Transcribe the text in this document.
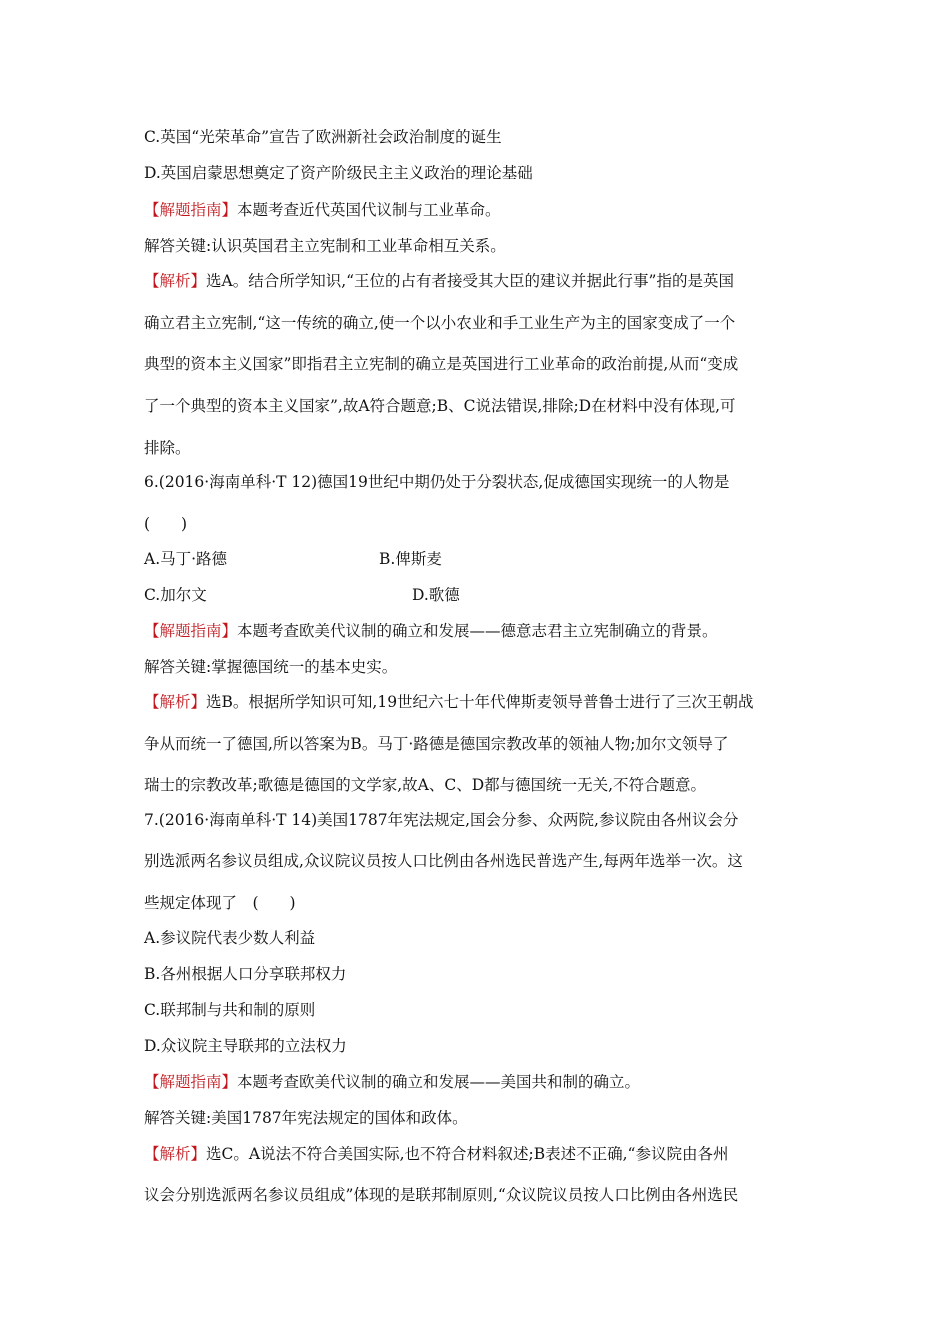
C.英国“光荣革命”宣告了欧洲新社会政治制度的诞生
D.英国启蒙思想奠定了资产阶级民主主义政治的理论基础
【解题指南】本题考查近代英国代议制与工业革命。
解答关键:认识英国君主立宪制和工业革命相互关系。
【解析】选A。结合所学知识,“王位的占有者接受其大臣的建议并据此行事”指的是英国
确立君主立宪制,“这一传统的确立,使一个以小农业和手工业生产为主的国家变成了一个
典型的资本主义国家”即指君主立宪制的确立是英国进行工业革命的政治前提,从而“变成
了一个典型的资本主义国家”,故A符合题意;B、C说法错误,排除;D在材料中没有体现,可
排除。
6.(2016·海南单科·T 12)德国19世纪中期仍处于分裂状态,促成德国实现统一的人物是
(　　)
A.马丁·路德	B.俾斯麦
C.加尔文	D.歌德
【解题指南】本题考查欧美代议制的确立和发展——德意志君主立宪制确立的背景。
解答关键:掌握德国统一的基本史实。
【解析】选B。根据所学知识可知,19世纪六七十年代俾斯麦领导普鲁士进行了三次王朝战
争从而统一了德国,所以答案为B。马丁·路德是德国宗教改革的领袖人物;加尔文领导了
瑞士的宗教改革;歌德是德国的文学家,故A、C、D都与德国统一无关,不符合题意。
7.(2016·海南单科·T 14)美国1787年宪法规定,国会分参、众两院,参议院由各州议会分
别选派两名参议员组成,众议院议员按人口比例由各州选民普选产生,每两年选举一次。这
些规定体现了　(　　)
A.参议院代表少数人利益
B.各州根据人口分享联邦权力
C.联邦制与共和制的原则
D.众议院主导联邦的立法权力
【解题指南】本题考查欧美代议制的确立和发展——美国共和制的确立。
解答关键:美国1787年宪法规定的国体和政体。
【解析】选C。A说法不符合美国实际,也不符合材料叙述;B表述不正确,“参议院由各州
议会分别选派两名参议员组成”体现的是联邦制原则,“众议院议员按人口比例由各州选民
